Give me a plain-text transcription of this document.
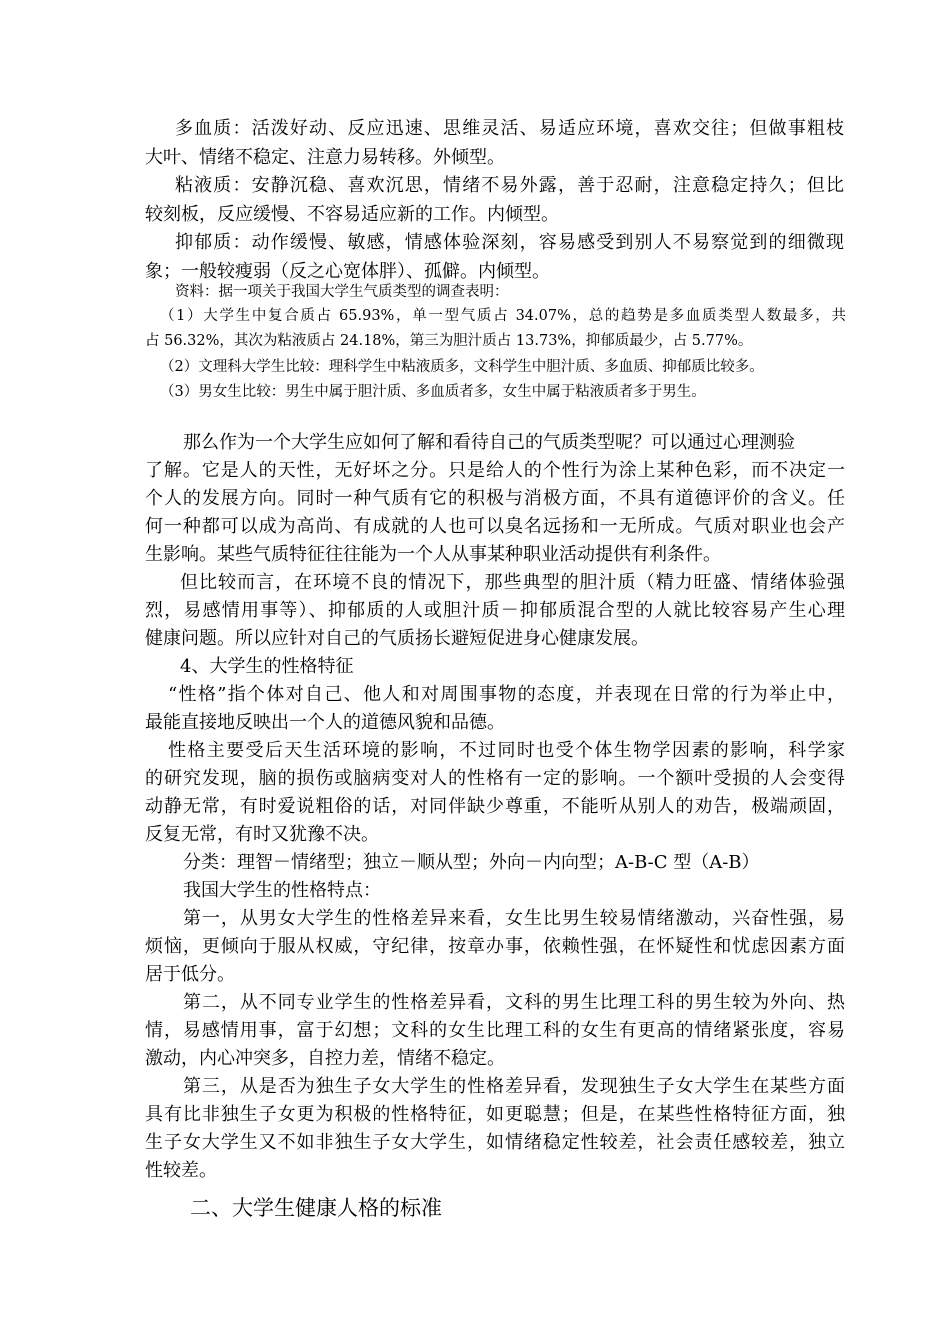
多血质：活泼好动、反应迅速、思维灵活、易适应环境，喜欢交往；但做事粗枝
大叶、情绪不稳定、注意力易转移。外倾型。
粘液质：安静沉稳、喜欢沉思，情绪不易外露，善于忍耐，注意稳定持久；但比
较刻板，反应缓慢、不容易适应新的工作。内倾型。
抑郁质：动作缓慢、敏感，情感体验深刻，容易感受到别人不易察觉到的细微现
象；一般较瘦弱（反之心宽体胖）、孤僻。内倾型。
资料：据一项关于我国大学生气质类型的调查表明：
（1）大学生中复合质占 65.93%，单一型气质占 34.07%，总的趋势是多血质类型人数最多，共
占 56.32%，其次为粘液质占 24.18%，第三为胆汁质占 13.73%，抑郁质最少，占 5.77%。
（2）文理科大学生比较：理科学生中粘液质多，文科学生中胆汁质、多血质、抑郁质比较多。
（3）男女生比较：男生中属于胆汁质、多血质者多，女生中属于粘液质者多于男生。
那么作为一个大学生应如何了解和看待自己的气质类型呢？可以通过心理测验
了解。它是人的天性，无好坏之分。只是给人的个性行为涂上某种色彩，而不决定一
个人的发展方向。同时一种气质有它的积极与消极方面，不具有道德评价的含义。任
何一种都可以成为高尚、有成就的人也可以臭名远扬和一无所成。气质对职业也会产
生影响。某些气质特征往往能为一个人从事某种职业活动提供有利条件。
但比较而言，在环境不良的情况下，那些典型的胆汁质（精力旺盛、情绪体验强
烈，易感情用事等）、抑郁质的人或胆汁质－抑郁质混合型的人就比较容易产生心理
健康问题。所以应针对自己的气质扬长避短促进身心健康发展。
4、大学生的性格特征
“性格”指个体对自己、他人和对周围事物的态度，并表现在日常的行为举止中，
最能直接地反映出一个人的道德风貌和品德。
性格主要受后天生活环境的影响，不过同时也受个体生物学因素的影响，科学家
的研究发现，脑的损伤或脑病变对人的性格有一定的影响。一个额叶受损的人会变得
动静无常，有时爱说粗俗的话，对同伴缺少尊重，不能听从别人的劝告，极端顽固，
反复无常，有时又犹豫不决。
分类：理智－情绪型；独立－顺从型；外向－内向型；A-B-C 型（A-B）
我国大学生的性格特点：
第一，从男女大学生的性格差异来看，女生比男生较易情绪激动，兴奋性强，易
烦恼，更倾向于服从权威，守纪律，按章办事，依赖性强，在怀疑性和忧虑因素方面
居于低分。
第二，从不同专业学生的性格差异看，文科的男生比理工科的男生较为外向、热
情，易感情用事，富于幻想；文科的女生比理工科的女生有更高的情绪紧张度，容易
激动，内心冲突多，自控力差，情绪不稳定。
第三，从是否为独生子女大学生的性格差异看，发现独生子女大学生在某些方面
具有比非独生子女更为积极的性格特征，如更聪慧；但是，在某些性格特征方面，独
生子女大学生又不如非独生子女大学生，如情绪稳定性较差，社会责任感较差，独立
性较差。
二、大学生健康人格的标准
